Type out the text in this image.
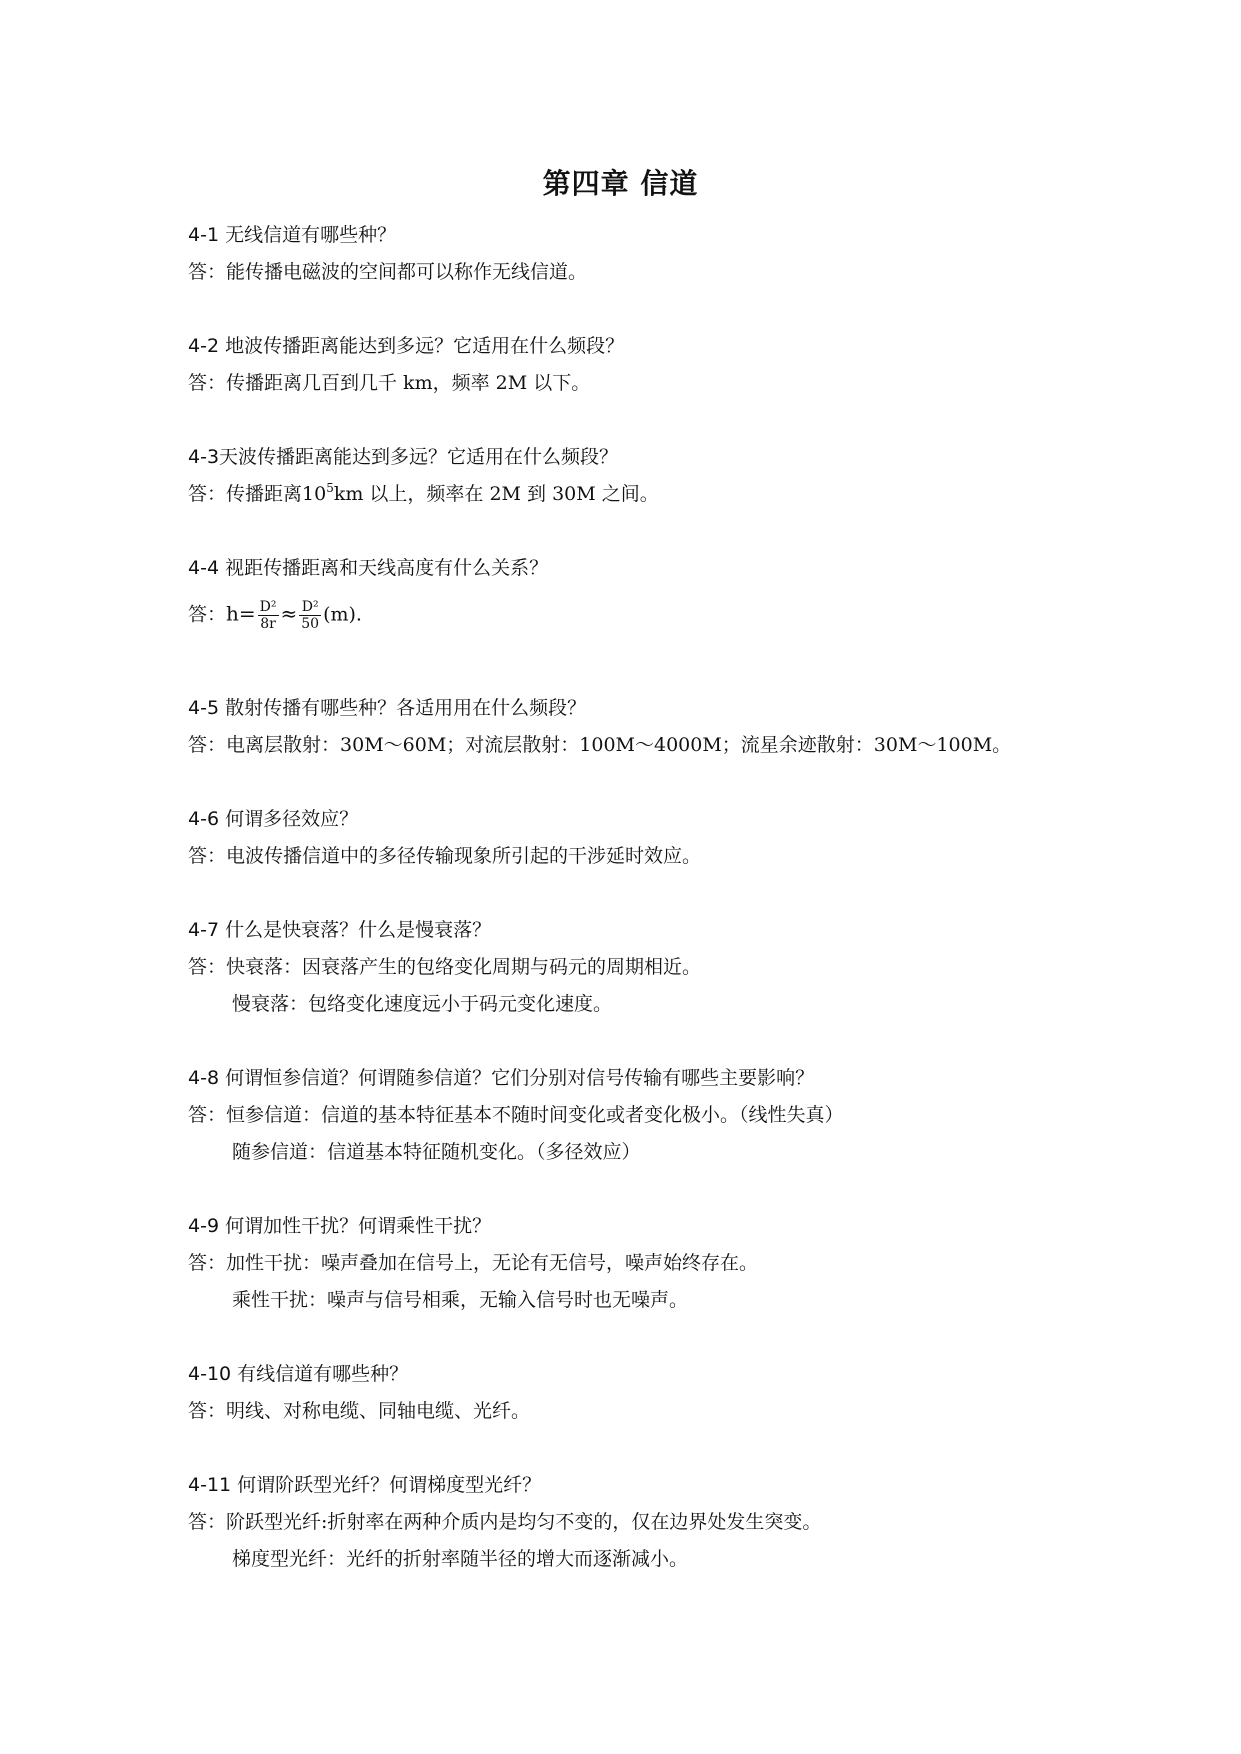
第四章 信道
4-1 无线信道有哪些种？
答：能传播电磁波的空间都可以称作无线信道。
4-2 地波传播距离能达到多远？它适用在什么频段？
答：传播距离几百到几千 km，频率 2M 以下。
4-3天波传播距离能达到多远？它适用在什么频段？
答：传播距离$10^5km$ 以上，频率在 2M 到 30M 之间。
4-4 视距传播距离和天线高度有什么关系？
答：$h= \frac{\text{D²}}{8r} \approx \frac{\text{D²}}{50} (m)$.
4-5 散射传播有哪些种？各适用用在什么频段？
答：电离层散射：30M～60M；对流层散射：100M～4000M；流星余迹散射：30M～100M。
4-6 何谓多径效应？
答：电波传播信道中的多径传输现象所引起的干涉延时效应。
4-7 什么是快衰落？什么是慢衰落？
答：快衰落：因衰落产生的包络变化周期与码元的周期相近。
慢衰落：包络变化速度远小于码元变化速度。
4-8 何谓恒参信道？何谓随参信道？它们分别对信号传输有哪些主要影响？
答：恒参信道：信道的基本特征基本不随时间变化或者变化极小。（线性失真）
随参信道：信道基本特征随机变化。（多径效应）
4-9 何谓加性干扰？何谓乘性干扰？
答：加性干扰：噪声叠加在信号上，无论有无信号，噪声始终存在。
乘性干扰：噪声与信号相乘，无输入信号时也无噪声。
4-10 有线信道有哪些种？
答：明线、对称电缆、同轴电缆、光纤。
4-11 何谓阶跃型光纤？何谓梯度型光纤？
答：阶跃型光纤:折射率在两种介质内是均匀不变的，仅在边界处发生突变。
梯度型光纤：光纤的折射率随半径的增大而逐渐减小。
